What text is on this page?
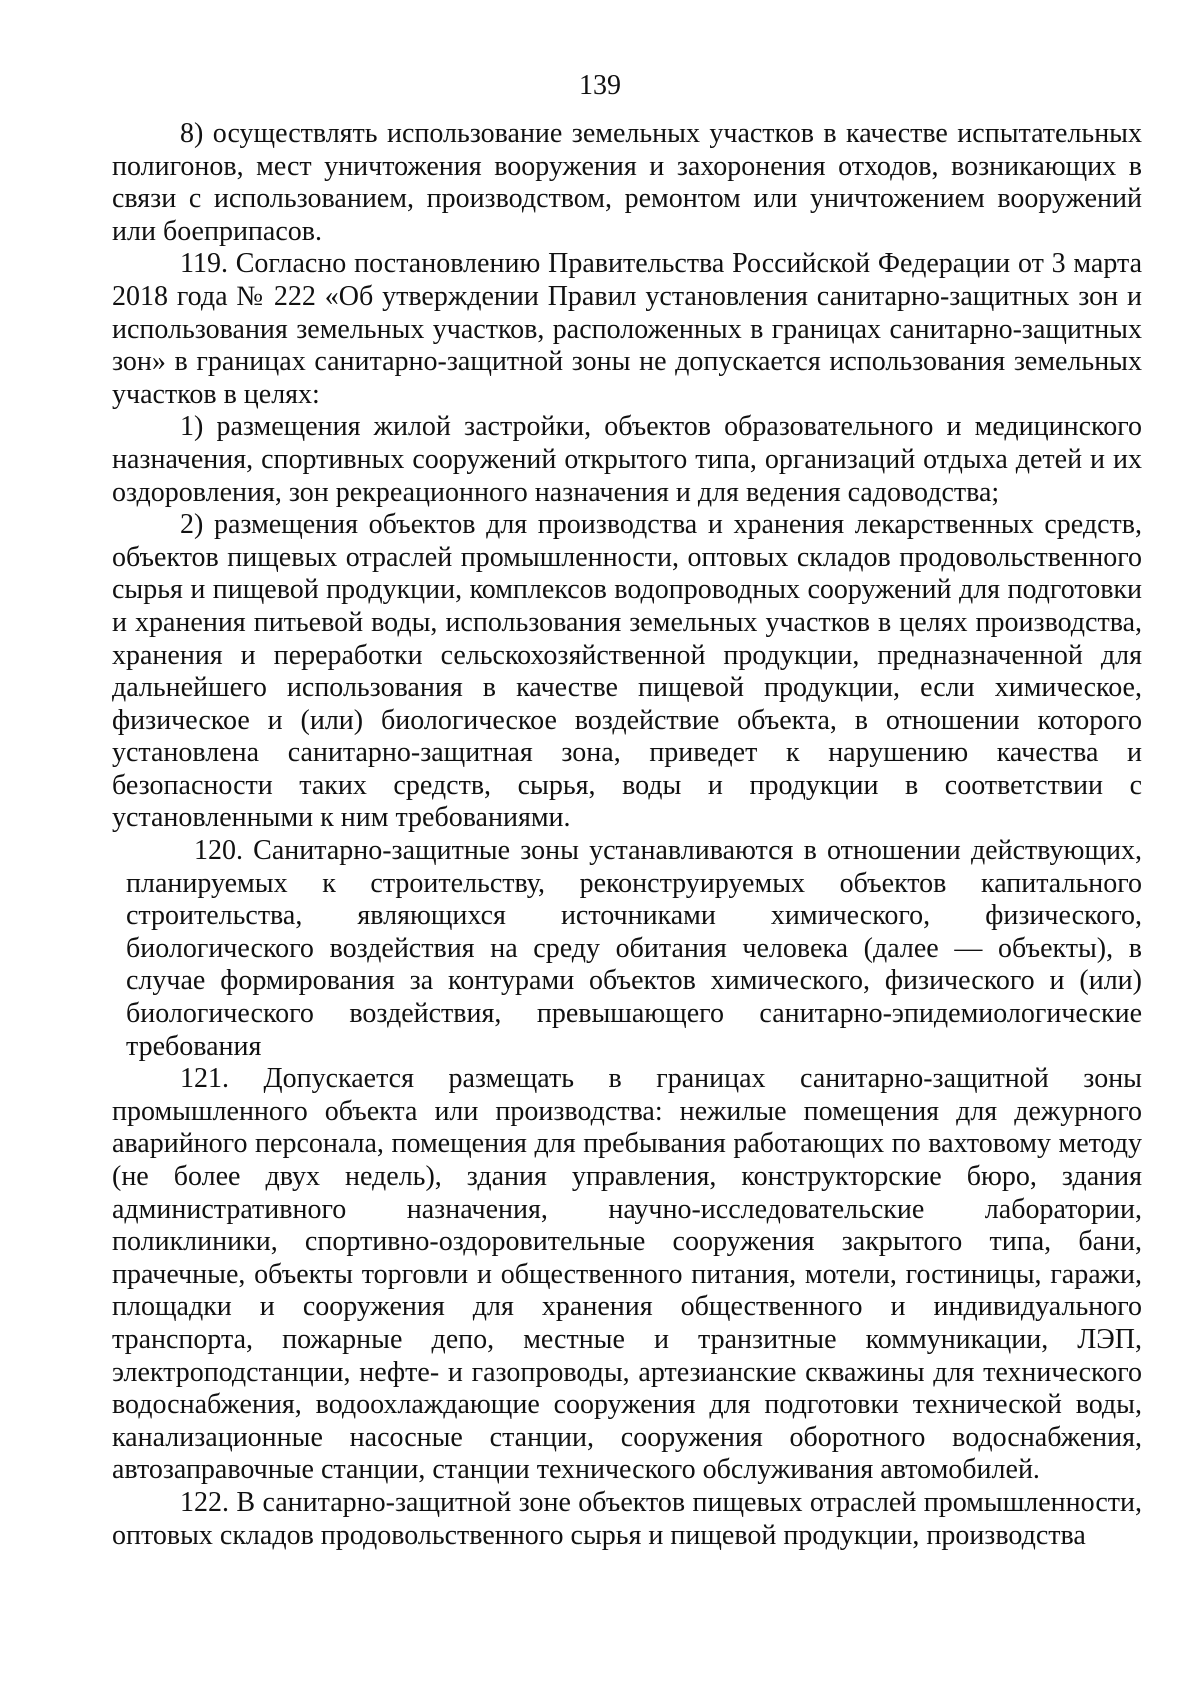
139

8) осуществлять использование земельных участков в качестве испытательных полигонов, мест уничтожения вооружения и захоронения отходов, возникающих в связи с использованием, производством, ремонтом или уничтожением вооружений или боеприпасов.

119. Согласно постановлению Правительства Российской Федерации от 3 марта 2018 года № 222 «Об утверждении Правил установления санитарно-защитных зон и использования земельных участков, расположенных в границах санитарно-защитных зон» в границах санитарно-защитной зоны не допускается использования земельных участков в целях:

1) размещения жилой застройки, объектов образовательного и медицинского назначения, спортивных сооружений открытого типа, организаций отдыха детей и их оздоровления, зон рекреационного назначения и для ведения садоводства;

2) размещения объектов для производства и хранения лекарственных средств, объектов пищевых отраслей промышленности, оптовых складов продовольственного сырья и пищевой продукции, комплексов водопроводных сооружений для подготовки и хранения питьевой воды, использования земельных участков в целях производства, хранения и переработки сельскохозяйственной продукции, предназначенной для дальнейшего использования в качестве пищевой продукции, если химическое, физическое и (или) биологическое воздействие объекта, в отношении которого установлена санитарно-защитная зона, приведет к нарушению качества и безопасности таких средств, сырья, воды и продукции в соответствии с установленными к ним требованиями.

120. Санитарно-защитные зоны устанавливаются в отношении действующих, планируемых к строительству, реконструируемых объектов капитального строительства, являющихся источниками химического, физического, биологического воздействия на среду обитания человека (далее — объекты), в случае формирования за контурами объектов химического, физического и (или) биологического воздействия, превышающего санитарно-эпидемиологические требования

121. Допускается размещать в границах санитарно-защитной зоны промышленного объекта или производства: нежилые помещения для дежурного аварийного персонала, помещения для пребывания работающих по вахтовому методу (не более двух недель), здания управления, конструкторские бюро, здания административного назначения, научно-исследовательские лаборатории, поликлиники, спортивно-оздоровительные сооружения закрытого типа, бани, прачечные, объекты торговли и общественного питания, мотели, гостиницы, гаражи, площадки и сооружения для хранения общественного и индивидуального транспорта, пожарные депо, местные и транзитные коммуникации, ЛЭП, электроподстанции, нефте- и газопроводы, артезианские скважины для технического водоснабжения, водоохлаждающие сооружения для подготовки технической воды, канализационные насосные станции, сооружения оборотного водоснабжения, автозаправочные станции, станции технического обслуживания автомобилей.

122. В санитарно-защитной зоне объектов пищевых отраслей промышленности, оптовых складов продовольственного сырья и пищевой продукции, производства
